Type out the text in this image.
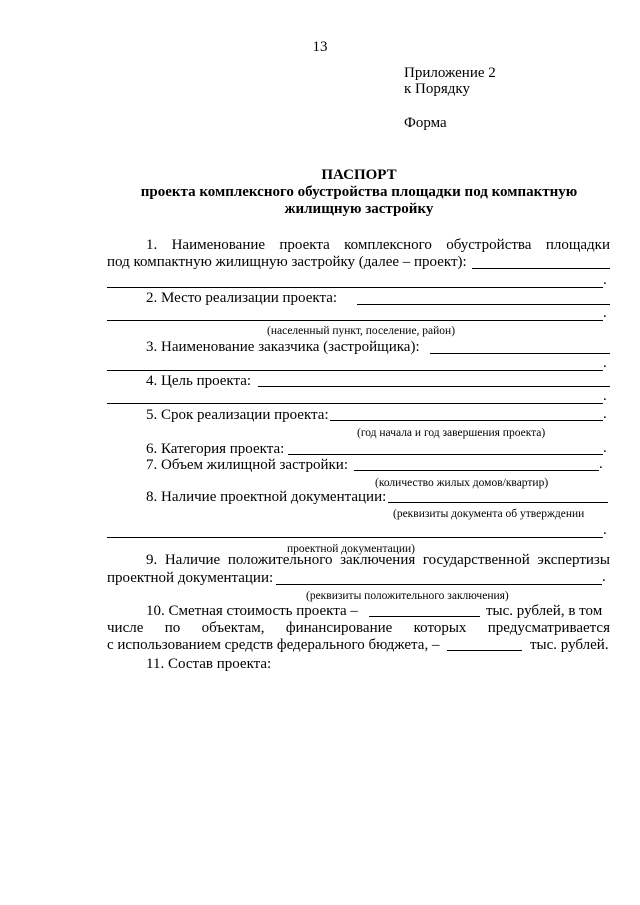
13
Приложение 2
к Порядку
Форма
ПАСПОРТ
проекта комплексного обустройства площадки под компактную
жилищную застройку
1. Наименование проекта комплексного обустройства площадки
под компактную жилищную застройку (далее – проект):
.
2. Место реализации проекта:
.
(населенный пункт, поселение, район)
3. Наименование заказчика (застройщика):
.
4. Цель проекта:
.
5. Срок реализации проекта:	.
(год начала и год завершения проекта)
6. Категория проекта:	.
7. Объем жилищной застройки:	.
(количество жилых домов/квартир)
8. Наличие проектной документации:
(реквизиты документа об утверждении
.
проектной документации)
9. Наличие положительного заключения государственной экспертизы
проектной документации:	.
(реквизиты положительного заключения)
10. Сметная стоимость проекта –	тыс. рублей, в том
числе по объектам, финансирование которых предусматривается
с использованием средств федерального бюджета, –	тыс. рублей.
11. Состав проекта:
